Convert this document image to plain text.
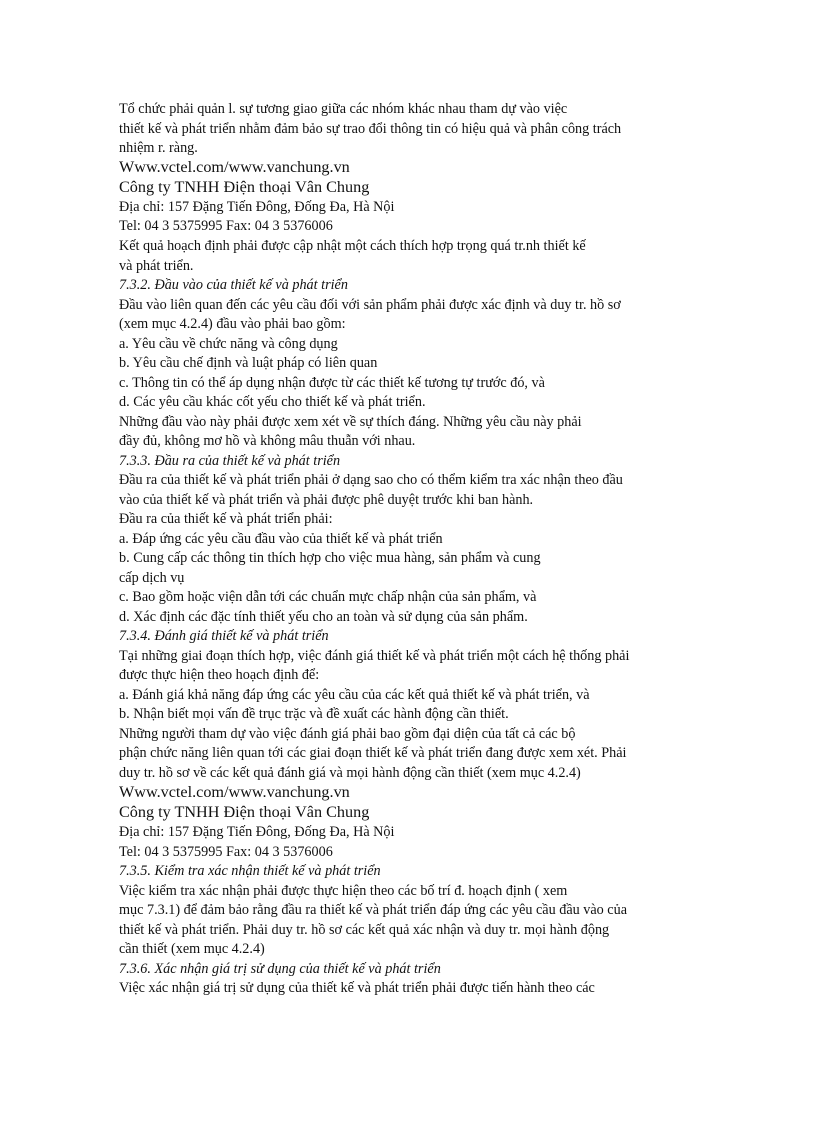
Tổ chức phải quản l. sự tương giao giữa các nhóm khác nhau tham dự vào việc
thiết kế và phát triển nhằm đảm bảo sự trao đổi thông tin có hiệu quả và phân công trách
nhiệm r. ràng.
Www.vctel.com/www.vanchung.vn
Công ty TNHH Điện thoại Vân Chung
Địa chỉ: 157 Đặng Tiến Đông, Đống Đa, Hà Nội
Tel: 04 3 5375995 Fax: 04 3 5376006
Kết quả hoạch định phải được cập nhật một cách thích hợp trọng quá tr.nh thiết kế
và phát triển.
7.3.2. Đầu vào của thiết kế và phát triển
Đầu vào liên quan đến các yêu cầu đối với sản phẩm phải được xác định và duy tr. hồ sơ
(xem mục 4.2.4) đầu vào phải bao gồm:
a. Yêu cầu về chức năng và công dụng
b. Yêu cầu chế định và luật pháp có liên quan
c. Thông tin có thể áp dụng nhận được từ các thiết kế tương tự trước đó, và
d. Các yêu cầu khác cốt yếu cho thiết kế và phát triển.
Những đầu vào này phải được xem xét về sự thích đáng. Những yêu cầu này phải
đầy đủ, không mơ hồ và không mâu thuẫn với nhau.
7.3.3. Đầu ra của thiết kế và phát triển
Đầu ra của thiết kế và phát triển phải ở dạng sao cho có thểm kiểm tra xác nhận theo đầu
vào của thiết kế và phát triển và phải được phê duyệt trước khi ban hành.
Đầu ra của thiết kế và phát triển phải:
a. Đáp ứng các yêu cầu đầu vào của thiết kế và phát triển
b. Cung cấp các thông tin thích hợp cho việc mua hàng, sản phẩm và cung
cấp dịch vụ
c. Bao gồm hoặc viện dẫn tới các chuẩn mực chấp nhận của sản phẩm, và
d. Xác định các đặc tính thiết yếu cho an toàn và sử dụng của sản phẩm.
7.3.4. Đánh giá thiết kế và phát triển
Tại những giai đoạn thích hợp, việc đánh giá thiết kế và phát triển một cách hệ thống phải
được thực hiện theo hoạch định để:
a. Đánh giá khả năng đáp ứng các yêu cầu của các kết quả thiết kế và phát triển, và
b. Nhận biết mọi vấn đề trục trặc và đề xuất các hành động cần thiết.
Những người tham dự vào việc đánh giá phải bao gồm đại diện của tất cả các bộ
phận chức năng liên quan tới các giai đoạn thiết kế và phát triển đang được xem xét. Phải
duy tr. hồ sơ về các kết quả đánh giá và mọi hành động cần thiết (xem mục 4.2.4)
Www.vctel.com/www.vanchung.vn
Công ty TNHH Điện thoại Vân Chung
Địa chỉ: 157 Đặng Tiến Đông, Đống Đa, Hà Nội
Tel: 04 3 5375995 Fax: 04 3 5376006
7.3.5. Kiểm tra xác nhận thiết kế và phát triển
Việc kiểm tra xác nhận phải được thực hiện theo các bố trí đ. hoạch định ( xem
mục 7.3.1) để đảm bảo rằng đầu ra thiết kế và phát triển đáp ứng các yêu cầu đầu vào của
thiết kế và phát triển. Phải duy tr. hồ sơ các kết quả xác nhận và duy tr. mọi hành động
cần thiết (xem mục 4.2.4)
7.3.6. Xác nhận giá trị sử dụng của thiết kế và phát triển
Việc xác nhận giá trị sử dụng của thiết kế và phát triển phải được tiến hành theo các
